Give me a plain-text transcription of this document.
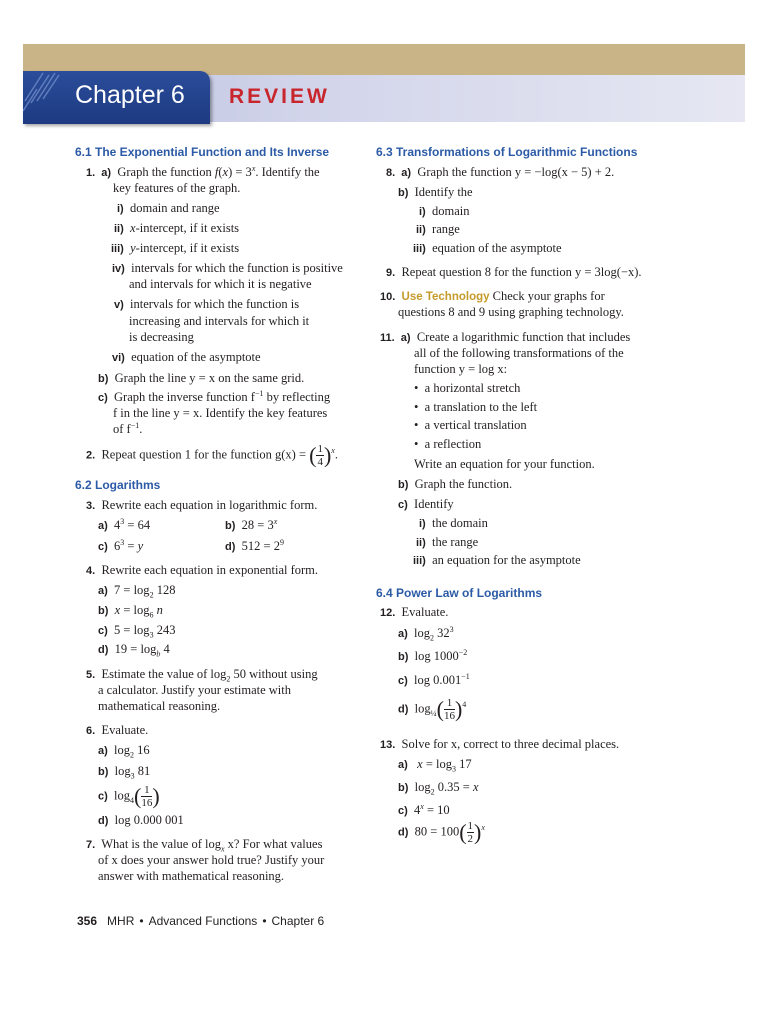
Chapter 6 REVIEW
6.1 The Exponential Function and Its Inverse
1.  a) Graph the function $f(x) = 3^x$. Identify the
key features of the graph.
i) domain and range
ii) x-intercept, if it exists
iii) y-intercept, if it exists
iv) intervals for which the function is positive
and intervals for which it is negative
v) intervals for which the function is
increasing and intervals for which it
is decreasing
vi) equation of the asymptote
b) Graph the line y = x on the same grid.
c) Graph the inverse function $f^{-1}$ by reflecting
f in the line y = x. Identify the key features
of $f^{-1}$.
2. Repeat question 1 for the function g(x) = ( $\frac{1}{4} )^x$.
6.2 Logarithms
3. Rewrite each equation in logarithmic form.
a)  $4^3 = 64$	b)  $28 = 3^x$
c)  $6^3 = y$	d)  $512 = 2^9$
4. Rewrite each equation in exponential form.
a)  $7 = \log_2 128$
b) $x = \log_6 n$
c)  $5 = \log_3 243$
d)  $19 = \log_b 4$
5. Estimate the value of $\log_2 50$ without using
a calculator. Justify your estimate with
mathematical reasoning.
6. Evaluate.
a)  $\log_2 16$
b)  $\log_3 81$
c)  $\log_4( \frac{1}{16}$ )
d)  log 0.000 001
7. What is the value of $\log_x x$? For what values
of x does your answer hold true? Justify your
answer with mathematical reasoning.
6.3 Transformations of Logarithmic Functions
8.  a) Graph the function y = −log(x − 5) + 2.
b) Identify the
i) domain
ii) range
iii) equation of the asymptote
9. Repeat question 8 for the function y = 3log(−x).
10. Use Technology Check your graphs for
questions 8 and 9 using graphing technology.
11.  a) Create a logarithmic function that includes
all of the following transformations of the
function y = log x:
•  a horizontal stretch
•  a translation to the left
•  a vertical translation
•  a reflection
Write an equation for your function.
b) Graph the function.
c) Identify
i) the domain
ii) the range
iii) an equation for the asymptote
6.4 Power Law of Logarithms
12. Evaluate.
a)  $\log_2 32^3$
b)  $\log 1000^{-2}$
c)  $\log 0.001^{-1}$
d)  $\log_{\frac{1}{4}}( \frac{1}{16} )^4$
13. Solve for x, correct to three decimal places.
a) $x = \log_3 17$
b)  $\log_2 0.35 = x$
c)  $4^x = 10$
d)  $80 = 100( \frac{1}{2} )^x$
356 MHR • Advanced Functions • Chapter 6
